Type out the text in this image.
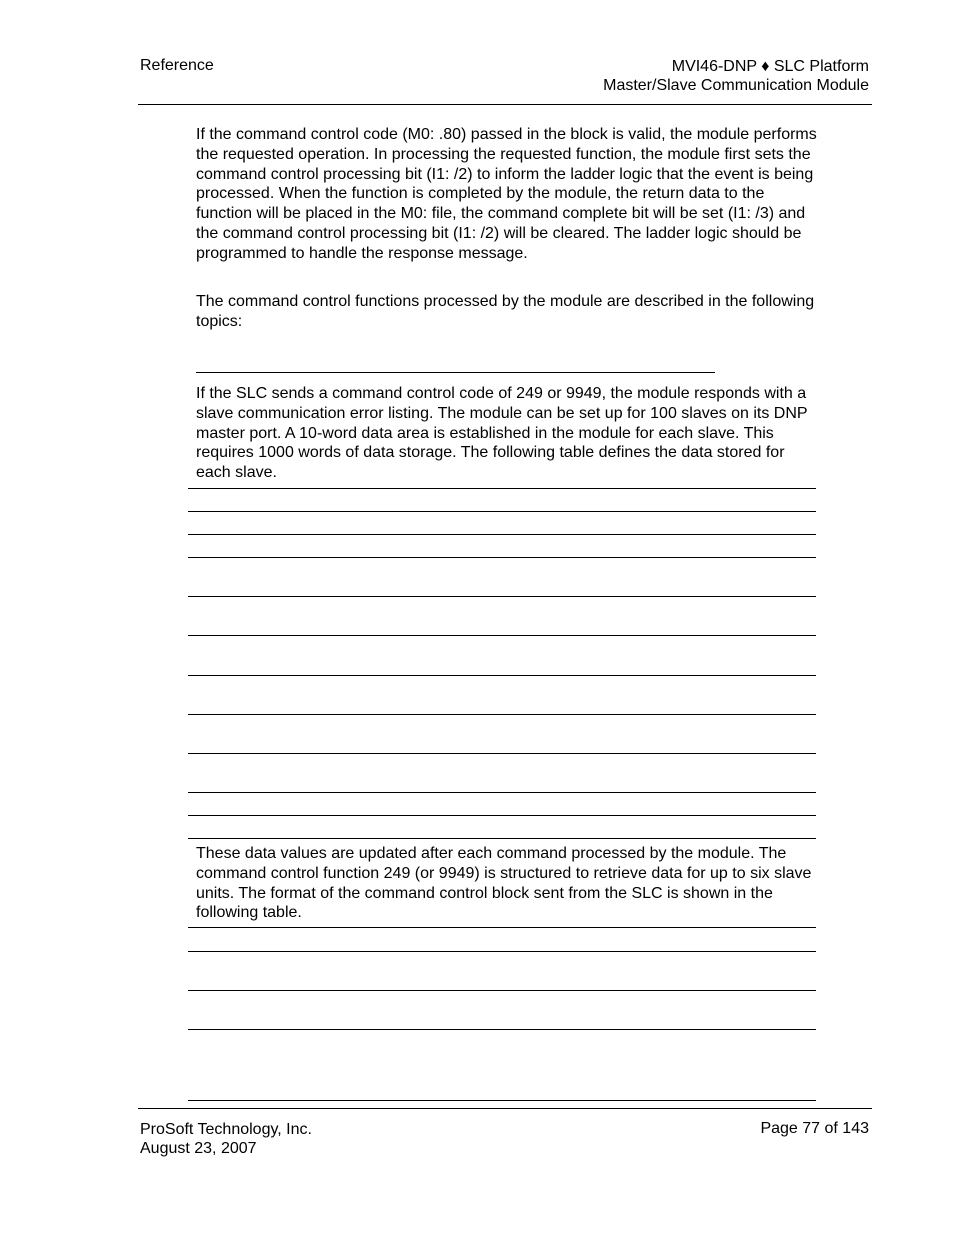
Reference	MVI46-DNP ♦ SLC Platform
Master/Slave Communication Module
If the command control code (M0: .80) passed in the block is valid, the module performs the requested operation. In processing the requested function, the module first sets the command control processing bit (I1: /2) to inform the ladder logic that the event is being processed. When the function is completed by the module, the return data to the function will be placed in the M0: file, the command complete bit will be set (I1: /3) and the command control processing bit (I1: /2) will be cleared. The ladder logic should be programmed to handle the response message.
The command control functions processed by the module are described in the following topics:
If the SLC sends a command control code of 249 or 9949, the module responds with a slave communication error listing. The module can be set up for 100 slaves on its DNP master port. A 10-word data area is established in the module for each slave. This requires 1000 words of data storage. The following table defines the data stored for each slave.
These data values are updated after each command processed by the module. The command control function 249 (or 9949) is structured to retrieve data for up to six slave units. The format of the command control block sent from the SLC is shown in the following table.
ProSoft Technology, Inc.
August 23, 2007
Page 77 of 143
